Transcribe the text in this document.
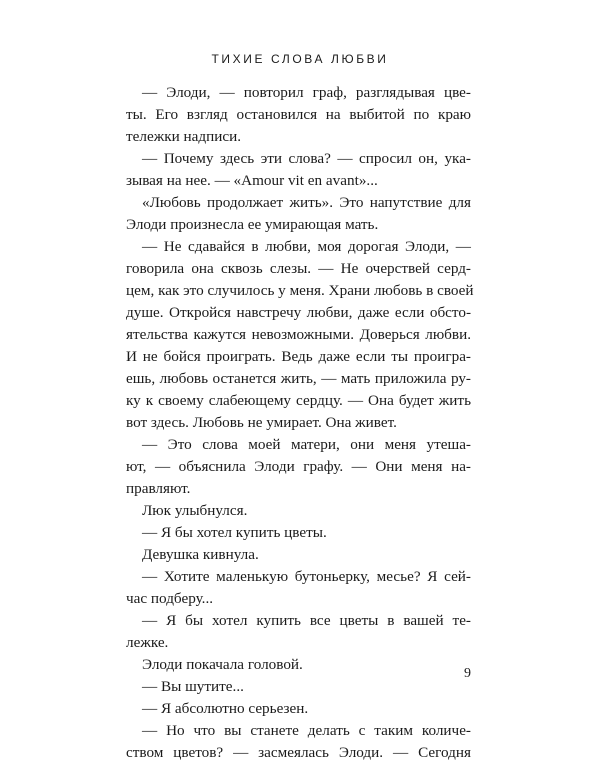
ТИХИЕ СЛОВА ЛЮБВИ
— Элоди, — повторил граф, разглядывая цве-
ты. Его взгляд остановился на выбитой по краю
тележки надписи.
— Почему здесь эти слова? — спросил он, ука-
зывая на нее. — «Amour vit en avant»...
«Любовь продолжает жить». Это напутствие для
Элоди произнесла ее умирающая мать.
— Не сдавайся в любви, моя дорогая Элоди, —
говорила она сквозь слезы. — Не очерствей серд-
цем, как это случилось у меня. Храни любовь в своей
душе. Откройся навстречу любви, даже если обсто-
ятельства кажутся невозможными. Доверься любви.
И не бойся проиграть. Ведь даже если ты проигра-
ешь, любовь останется жить, — мать приложила ру-
ку к своему слабеющему сердцу. — Она будет жить
вот здесь. Любовь не умирает. Она живет.
— Это слова моей матери, они меня утеша-
ют, — объяснила Элоди графу. — Они меня на-
правляют.
Люк улыбнулся.
— Я бы хотел купить цветы.
Девушка кивнула.
— Хотите маленькую бутоньерку, месье? Я сей-
час подберу...
— Я бы хотел купить все цветы в вашей те-
лежке.
Элоди покачала головой.
— Вы шутите...
— Я абсолютно серьезен.
— Но что вы станете делать с таким количе-
ством цветов? — засмеялась Элоди. — Сегодня
9
